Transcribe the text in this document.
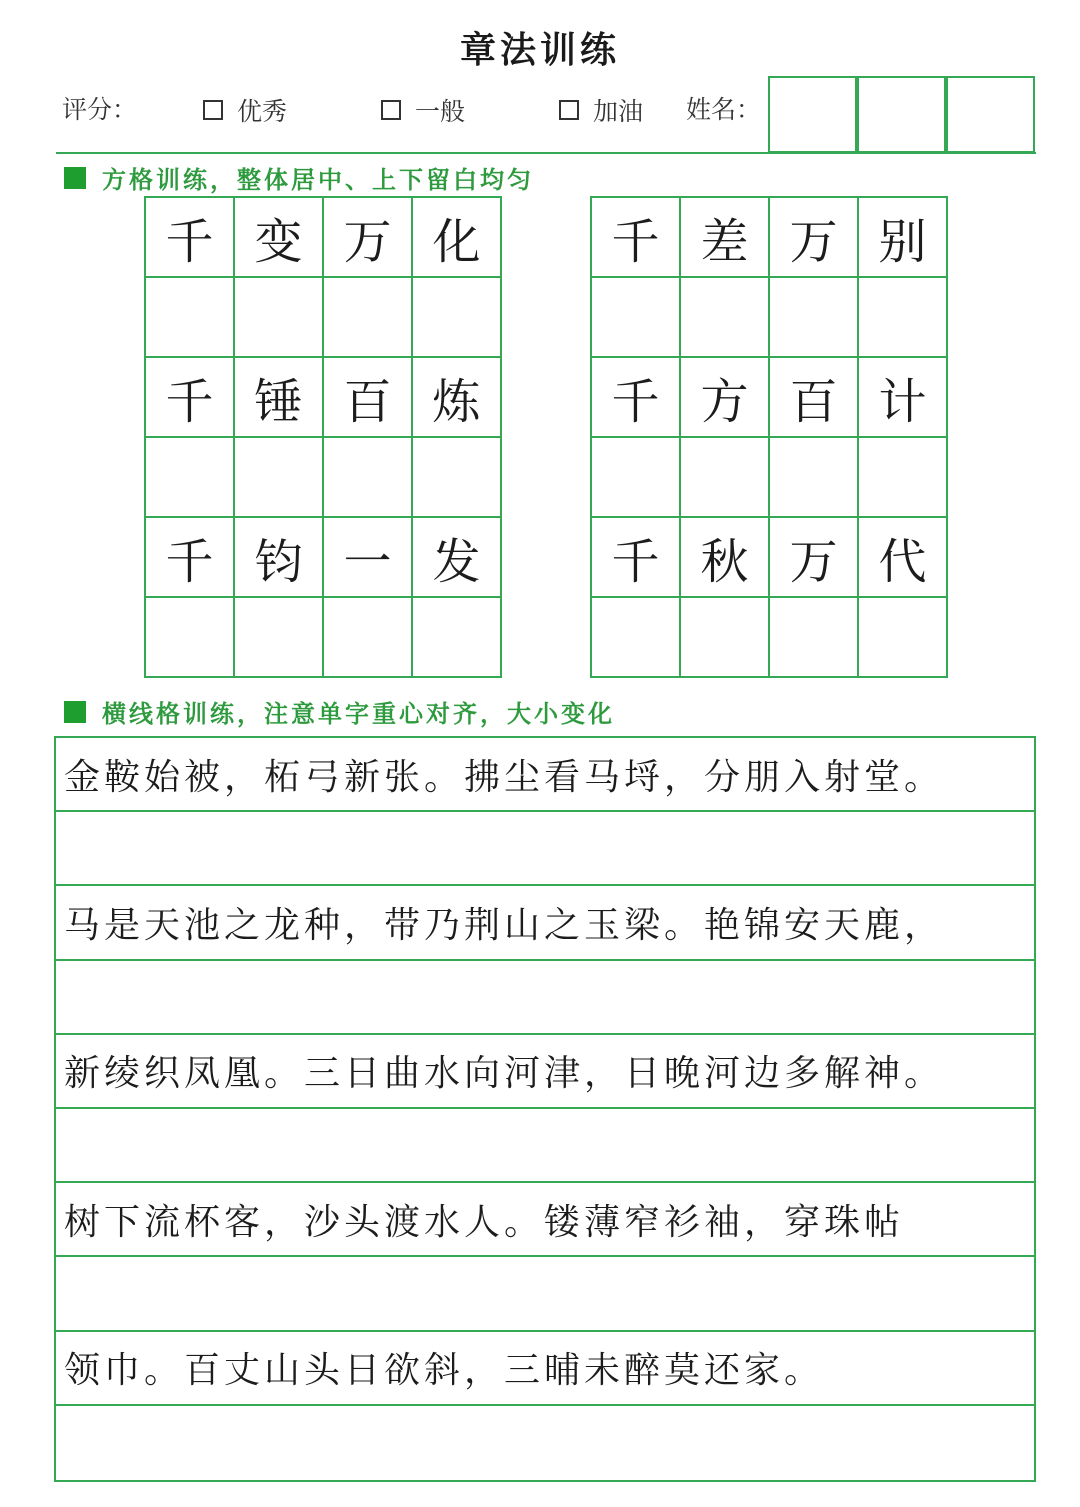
章法训练
评分：	优秀	一般	加油 姓名：
方格训练，整体居中、上下留白均匀
千 变 万 化
千 锤 百 炼
千 钧 一 发
千 差 万 别
千 方 百 计
千 秋 万 代
横线格训练，注意单字重心对齐，大小变化
金鞍始被，柘弓新张。拂尘看马埒，分朋入射堂。
马是天池之龙种，带乃荆山之玉梁。艳锦安天鹿，
新绫织凤凰。三日曲水向河津，日晚河边多解神。
树下流杯客，沙头渡水人。镂薄窄衫袖，穿珠帖
领巾。百丈山头日欲斜，三晡未醉莫还家。
